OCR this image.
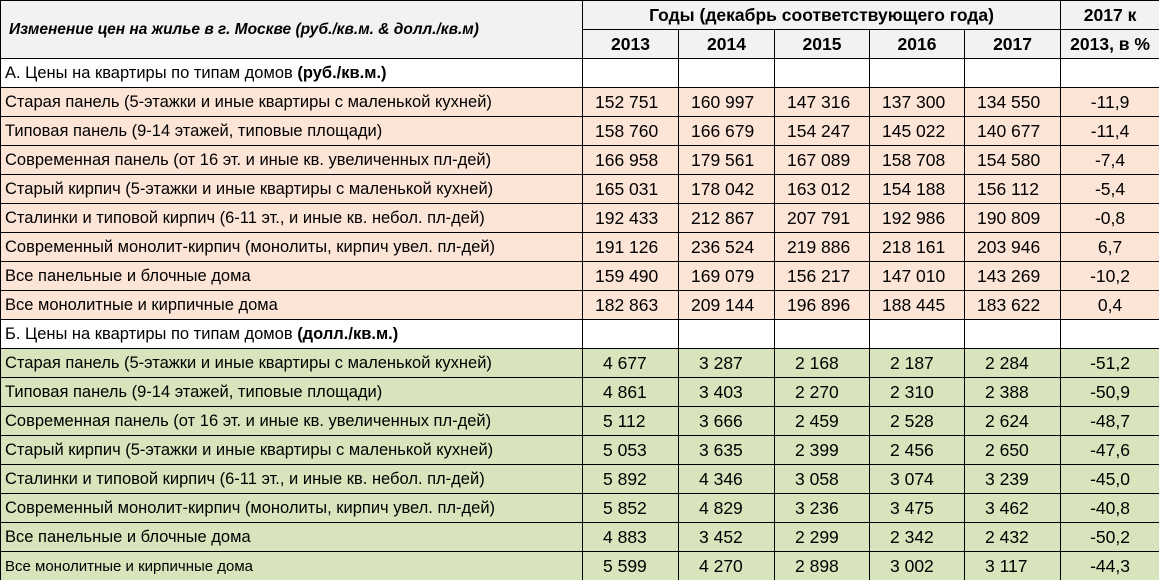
Изменение цен на жилье в г. Москве (руб./кв.м. & долл./кв.м)	Годы (декабрь соответствующего года)					2017 к
	2013	2014	2015	2016	2017	2013, в %
А. Цены на квартиры по типам домов (руб./кв.м.)						
Старая панель (5-этажки и иные квартиры с маленькой кухней)	152 751	160 997	147 316	137 300	134 550	-11,9
Типовая панель (9-14 этажей, типовые площади)	158 760	166 679	154 247	145 022	140 677	-11,4
Современная панель (от 16 эт. и иные кв. увеличенных пл-дей)	166 958	179 561	167 089	158 708	154 580	-7,4
Старый кирпич (5-этажки и иные квартиры с маленькой кухней)	165 031	178 042	163 012	154 188	156 112	-5,4
Сталинки и типовой кирпич (6-11 эт., и иные кв. небол. пл-дей)	192 433	212 867	207 791	192 986	190 809	-0,8
Современный монолит-кирпич (монолиты, кирпич увел. пл-дей)	191 126	236 524	219 886	218 161	203 946	6,7
Все панельные и блочные дома	159 490	169 079	156 217	147 010	143 269	-10,2
Все монолитные и кирпичные дома	182 863	209 144	196 896	188 445	183 622	0,4
Б. Цены на квартиры по типам домов (долл./кв.м.)						
Старая панель (5-этажки и иные квартиры с маленькой кухней)	4 677	3 287	2 168	2 187	2 284	-51,2
Типовая панель (9-14 этажей, типовые площади)	4 861	3 403	2 270	2 310	2 388	-50,9
Современная панель (от 16 эт. и иные кв. увеличенных пл-дей)	5 112	3 666	2 459	2 528	2 624	-48,7
Старый кирпич (5-этажки и иные квартиры с маленькой кухней)	5 053	3 635	2 399	2 456	2 650	-47,6
Сталинки и типовой кирпич (6-11 эт., и иные кв. небол. пл-дей)	5 892	4 346	3 058	3 074	3 239	-45,0
Современный монолит-кирпич (монолиты, кирпич увел. пл-дей)	5 852	4 829	3 236	3 475	3 462	-40,8
Все панельные и блочные дома	4 883	3 452	2 299	2 342	2 432	-50,2
Все монолитные и кирпичные дома	5 599	4 270	2 898	3 002	3 117	-44,3
